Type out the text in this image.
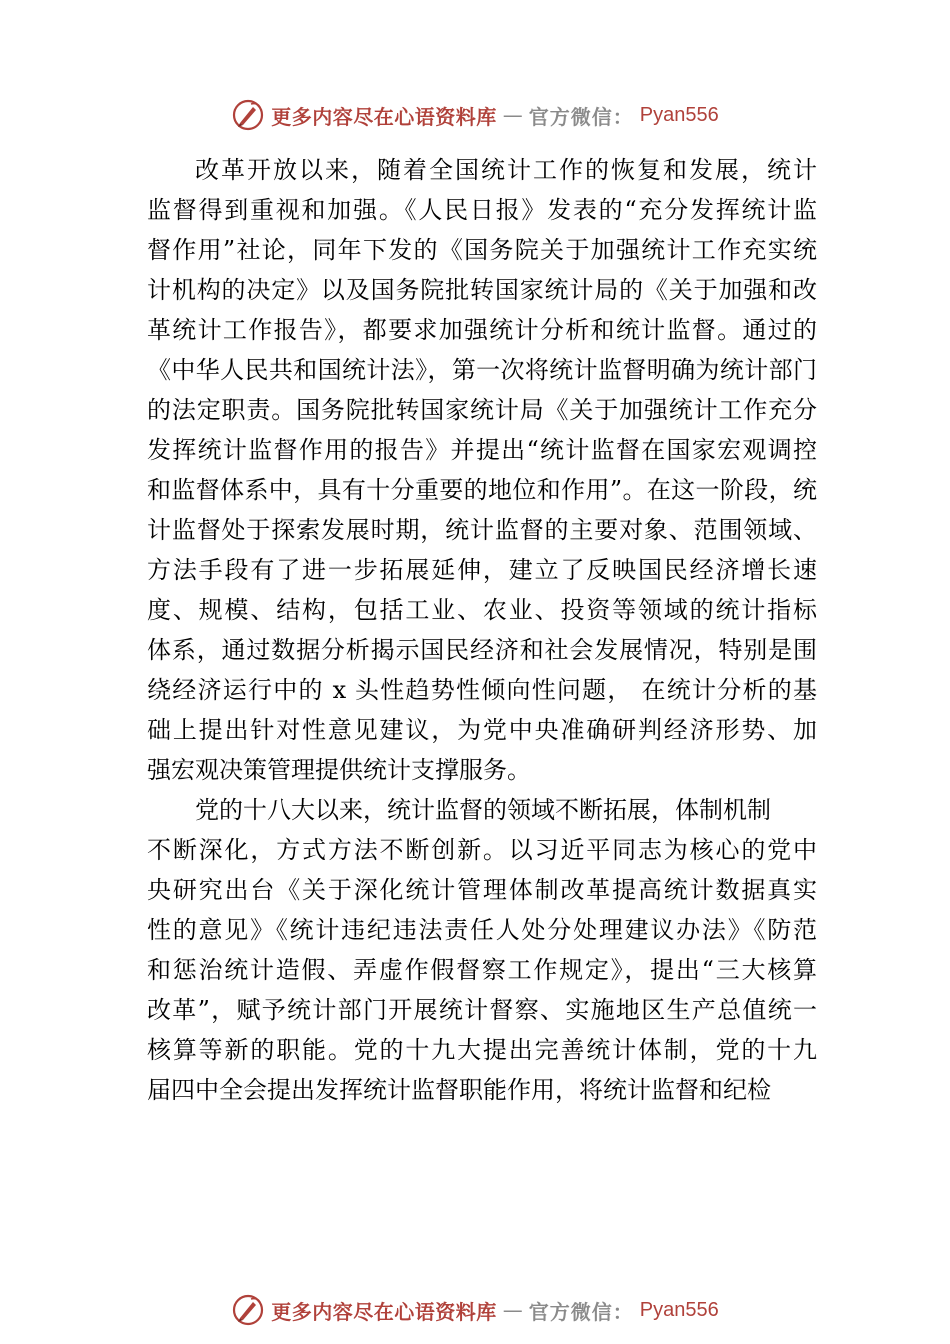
更多内容尽在心语资料库 — 官方微信： Pyan556
改革开放以来，随着全国统计工作的恢复和发展，统计
监督得到重视和加强。《人民日报》发表的“充分发挥统计监
督作用”社论，同年下发的《国务院关于加强统计工作充实统
计机构的决定》以及国务院批转国家统计局的《关于加强和改
革统计工作报告》，都要求加强统计分析和统计监督。通过的
《中华人民共和国统计法》，第一次将统计监督明确为统计部门
的法定职责。国务院批转国家统计局《关于加强统计工作充分
发挥统计监督作用的报告》并提出“统计监督在国家宏观调控
和监督体系中，具有十分重要的地位和作用”。在这一阶段，统
计监督处于探索发展时期，统计监督的主要对象、范围领域、
方法手段有了进一步拓展延伸，建立了反映国民经济增长速
度、规模、结构，包括工业、农业、投资等领域的统计指标
体系，通过数据分析揭示国民经济和社会发展情况，特别是围
绕经济运行中的 x 头性趋势性倾向性问题， 在统计分析的基
础上提出针对性意见建议，为党中央准确研判经济形势、加
强宏观决策管理提供统计支撑服务。
党的十八大以来，统计监督的领域不断拓展，体制机制
不断深化，方式方法不断创新。以习近平同志为核心的党中
央研究出台《关于深化统计管理体制改革提高统计数据真实
性的意见》《统计违纪违法责任人处分处理建议办法》《防范
和惩治统计造假、弄虚作假督察工作规定》，提出“三大核算
改革”，赋予统计部门开展统计督察、实施地区生产总值统一
核算等新的职能。党的十九大提出完善统计体制，党的十九
届四中全会提出发挥统计监督职能作用，将统计监督和纪检
更多内容尽在心语资料库 — 官方微信： Pyan556
